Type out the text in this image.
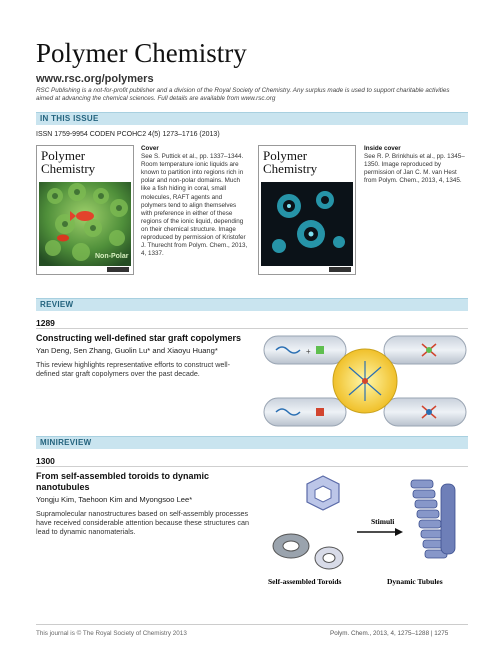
Polymer Chemistry
www.rsc.org/polymers
RSC Publishing is a not-for-profit publisher and a division of the Royal Society of Chemistry. Any surplus made is used to support charitable activities aimed at advancing the chemical sciences. Full details are available from www.rsc.org
IN THIS ISSUE
ISSN 1759-9954 CODEN PCOHC2 4(5) 1273–1716 (2013)
Polymer
Chemistry
Non-Polar
Cover
See S. Puttick et al., pp. 1337–1344. Room temperature ionic liquids are known to partition into regions rich in polar and non-polar domains. Much like a fish hiding in coral, small molecules, RAFT agents and polymers tend to align themselves with preference in either of these regions of the ionic liquid, depending on their chemical structure. Image reproduced by permission of Kristofer J. Thurecht from Polym. Chem., 2013, 4, 1337.
Polymer
Chemistry
Inside cover
See R. P. Brinkhuis et al., pp. 1345–1350. Image reproduced by permission of Jan C. M. van Hest from Polym. Chem., 2013, 4, 1345.
REVIEW
1289
Constructing well-defined star graft copolymers
Yan Deng, Sen Zhang, Guolin Lu* and Xiaoyu Huang*
This review highlights representative efforts to construct well-defined star graft copolymers over the past decade.
+
MINIREVIEW
1300
From self-assembled toroids to dynamic nanotubules
Yongju Kim, Taehoon Kim and Myongsoo Lee*
Supramolecular nanostructures based on self-assembly processes have received considerable attention because these structures can lead to dynamic nanomaterials.
Stimuli
Self-assembled Toroids	Dynamic Tubules
This journal is © The Royal Society of Chemistry 2013	Polym. Chem., 2013, 4, 1275–1288 | 1275
